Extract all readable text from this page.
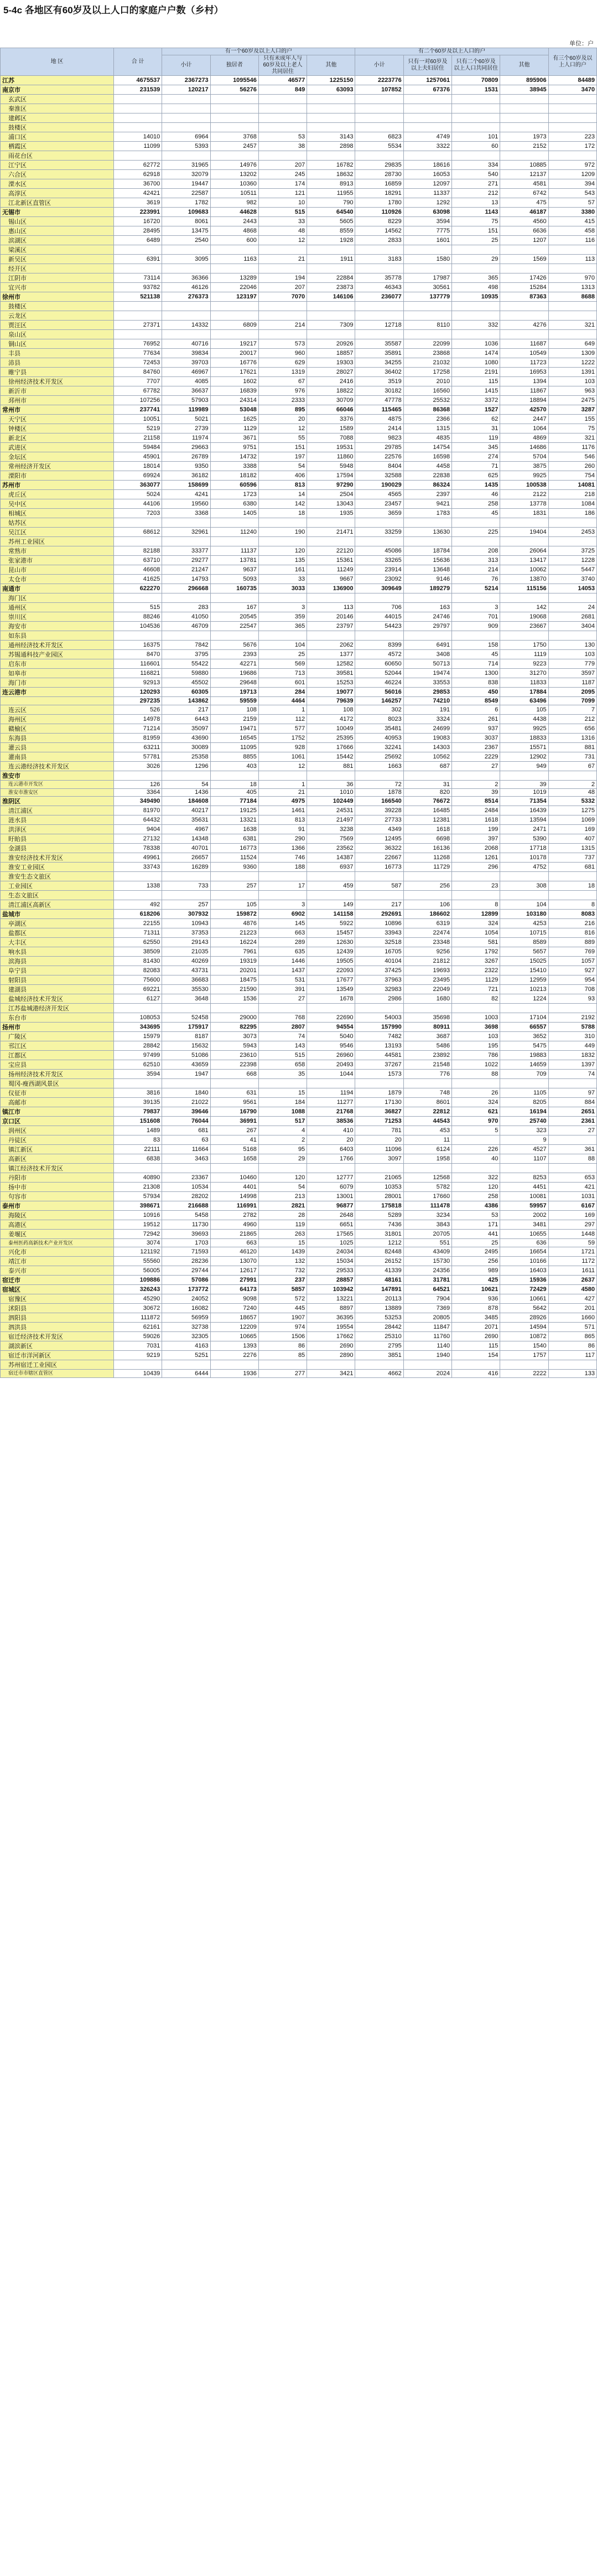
5-4c 各地区有60岁及以上人口的家庭户户数（乡村）
单位：户
地 区	合 计	有一个60岁及以上人口的户				有二个60岁及以上人口的户				有三个60岁及以上人口的户
		小计	独居者	只有未成年人与60岁及以上老人共同居住	其他	小计	只有一对60岁及以上夫妇居住	只有二个60岁及以上人口共同居住	其他	

江苏	4675537	2367273	1095546	46577	1225150	2223776	1257061	70809	895906	84489
南京市	231539	120217	56276	849	63093	107852	67376	1531	38945	3470
玄武区										
秦淮区										
建邺区										
鼓楼区										
浦口区	14010	6964	3768	53	3143	6823	4749	101	1973	223
栖霞区	11099	5393	2457	38	2898	5534	3322	60	2152	172
雨花台区										
江宁区	62772	31965	14976	207	16782	29835	18616	334	10885	972
六合区	62918	32079	13202	245	18632	28730	16053	540	12137	1209
溧水区	36700	19447	10360	174	8913	16859	12097	271	4581	394
高淳区	42421	22587	10511	121	11955	18291	11337	212	6742	543
江北新区直管区	3619	1782	982	10	790	1780	1292	13	475	57
无锡市	223991	109683	44628	515	64540	110926	63098	1143	46187	3380
锡山区	16720	8061	2443	33	5605	8229	3594	75	4560	415
惠山区	28495	13475	4868	48	8559	14562	7775	151	6636	458
滨湖区	6489	2540	600	12	1928	2833	1601	25	1207	116
梁溪区										
新吴区	6391	3095	1163	21	1911	3183	1580	29	1569	113
经开区										
江阴市	73114	36366	13289	194	22884	35778	17987	365	17426	970
宜兴市	93782	46126	22046	207	23873	46343	30561	498	15284	1313
徐州市	521138	276373	123197	7070	146106	236077	137779	10935	87363	8688
鼓楼区										
云龙区										
贾汪区	27371	14332	6809	214	7309	12718	8110	332	4276	321
泉山区										
铜山区	76952	40716	19217	573	20926	35587	22099	1036	11687	649
丰县	77634	39834	20017	960	18857	35891	23868	1474	10549	1309
沛县	72453	39703	16776	629	19303	34255	21032	1080	11723	1222
睢宁县	84760	46967	17621	1319	28027	36402	17258	2191	16953	1391
徐州经济技术开发区	7707	4085	1602	67	2416	3519	2010	115	1394	103
新沂市	67782	36637	16839	976	18822	30182	16560	1415	11867	963
邳州市	107256	57903	24314	2333	30709	47778	25532	3372	18894	2475
常州市	237741	119989	53048	895	66046	115465	86368	1527	42570	3287
天宁区	10051	5021	1625	20	3376	4875	2366	62	2447	155
钟楼区	5219	2739	1129	12	1589	2414	1315	31	1064	75
新北区	21158	11974	3671	55	7088	9823	4835	119	4869	321
武进区	59484	29663	9751	151	19531	29785	14754	345	14686	1176
金坛区	45901	26789	14732	197	11860	22576	16598	274	5704	546
常州经济开发区	18014	9350	3388	54	5948	8404	4458	71	3875	260
溧阳市	69924	36182	18182	406	17594	32588	22838	625	9925	754
苏州市	363077	158699	60596	813	97290	190029	86324	1435	100538	14081
虎丘区	5024	4241	1723	14	2504	4565	2397	46	2122	218
吴中区	44106	19560	6380	142	13043	23457	9421	258	13778	1084
相城区	7203	3368	1405	18	1935	3659	1783	45	1831	186
姑苏区										
吴江区	68612	32961	11240	190	21471	33259	13630	225	19404	2453
苏州工业园区										
常熟市	82188	33377	11137	120	22120	45086	18784	208	26064	3725
张家港市	63710	29277	13781	135	15361	33265	15636	313	13417	1228
昆山市	46608	21247	9637	161	11249	23914	13648	214	10062	5447
太仓市	41625	14793	5093	33	9667	23092	9146	76	13870	3740
南通市	622270	296668	160735	3033	136900	309649	189279	5214	115156	14053
海门区										
通州区	515	283	167	3	113	706	163	3	142	24
崇川区	88246	41050	20545	359	20146	44015	24746	701	19068	2681
海安市	104536	46709	22547	365	23797	54423	29797	909	23667	3404
如东县										
通州经济技术开发区	16375	7842	5676	104	2062	8399	6491	158	1750	130
苏锡通科技产业园区	8470	3795	2393	25	1377	4572	3408	45	1119	103
启东市	116601	55422	42271	569	12582	60650	50713	714	9223	779
如皋市	116821	59880	19686	713	39581	52044	19474	1300	31270	3597
海门市	92913	45502	29648	601	15253	46224	33553	838	11833	1187
连云港市	120293	60305	19713	284	19077	56016	29853	450	17884	2095
	297235	143862	59559	4464	79639	146257	74210	8549	63496	7099
连云区	526	217	108	1	108	302	191	6	105	7
海州区	14978	6443	2159	112	4172	8023	3324	261	4438	212
赣榆区	71214	35097	19471	577	10049	35481	24699	937	9925	656
东海县	81959	43690	16545	1752	25395	40953	19083	3037	18833	1316
灌云县	63211	30089	11095	928	17666	32241	14303	2367	15571	881
灌南县	57781	25358	8855	1061	15442	25692	10562	2229	12902	731
连云港经济技术开发区	3026	1296	403	12	881	1663	687	27	949	67
淮安市										
连云港市开发区	126	54	18	1	36	72	31	2	39	2
淮安市淮安区	3364	1436	405	21	1010	1878	820	39	1019	48
淮阴区	349490	184608	77184	4975	102449	166540	76672	8514	71354	5332
清江浦区	81970	40217	19125	1461	24531	39228	16485	2484	16439	1275
涟水县	64432	35631	13321	813	21497	27733	12381	1618	13594	1069
洪泽区	9404	4967	1638	91	3238	4349	1618	199	2471	169
盱眙县	27132	14348	6381	290	7569	12495	6698	397	5390	407
金湖县	78338	40701	16773	1366	23562	36322	16136	2068	17718	1315
淮安经济技术开发区	49961	26657	11524	746	14387	22667	11268	1261	10178	737
淮安工业园区	33743	16289	9360	188	6937	16773	11729	296	4752	681
淮安生态文旅区										
工业园区	1338	733	257	17	459	587	256	23	308	18
生态文旅区										
清江浦区高新区	492	257	105	3	149	217	106	8	104	8
盐城市	618206	307932	159872	6902	141158	292691	186602	12899	103180	8083
亭湖区	22155	10943	4876	145	5922	10896	6319	324	4253	216
盐都区	71311	37353	21223	663	15457	33943	22474	1054	10715	816
大丰区	62550	29143	16224	289	12630	32518	23348	581	8589	889
响水县	38509	21035	7961	635	12439	16705	9256	1792	5657	769
滨海县	81430	40269	19319	1446	19505	40104	21812	3267	15025	1057
阜宁县	82083	43731	20201	1437	22093	37425	19693	2322	15410	927
射阳县	75600	36683	18475	531	17677	37963	23495	1129	12959	954
建湖县	69221	35530	21590	391	13549	32983	22049	721	10213	708
盐城经济技术开发区	6127	3648	1536	27	1678	2986	1680	82	1224	93
江苏盐城港经济开发区										
东台市	108053	52458	29000	768	22690	54003	35698	1003	17104	2192
扬州市	343695	175917	82295	2807	94554	157990	80911	3698	66557	5788
广陵区	15979	8187	3073	74	5040	7482	3687	103	3652	310
邗江区	28842	15632	5943	143	9546	13193	5486	195	5475	449
江都区	97499	51086	23610	515	26960	44581	23892	786	19883	1832
宝应县	62510	43659	22398	658	20493	37267	21548	1022	14659	1397
扬州经济技术开发区	3594	1947	668	35	1044	1573	776	88	709	74
蜀冈-瘦西湖风景区										
仪征市	3816	1840	631	15	1194	1879	748	26	1105	97
高邮市	39135	21022	9561	184	11277	17130	8601	324	8205	884
镇江市	79837	39646	16790	1088	21768	36827	22812	621	16194	2651
京口区	151608	76044	36991	517	38536	71253	44543	970	25740	2361
润州区	1489	681	267	4	410	781	453	5	323	27
丹徒区	83	63	41	2	20	20	11		9	
镇江新区	22111	11664	5168	95	6403	11096	6124	226	4527	361
高新区	6838	3463	1658	29	1766	3097	1958	40	1107	88
镇江经济技术开发区										
丹阳市	40890	23367	10460	120	12777	21065	12568	322	8253	653
扬中市	21308	10534	4401	54	6079	10353	5782	120	4451	421
句容市	57934	28202	14998	213	13001	28001	17660	258	10081	1031
泰州市	398671	216688	116991	2821	96877	175818	111478	4386	59957	6167
海陵区	10916	5458	2782	28	2648	5289	3234	53	2002	169
高港区	19512	11730	4960	119	6651	7436	3843	171	3481	297
姜堰区	72942	39693	21865	263	17565	31801	20705	441	10655	1448
泰州医药高新技术产业开发区	3074	1703	663	15	1025	1212	551	25	636	59
兴化市	121192	71593	46120	1439	24034	82448	43409	2495	16654	1721
靖江市	55560	28236	13070	132	15034	26152	15730	256	10166	1172
泰兴市	56005	29744	12617	732	29533	41339	24356	989	16403	1611
宿迁市	109886	57086	27991	237	28857	48161	31781	425	15936	2637
宿城区	326243	173772	64173	5857	103942	147891	64521	10621	72429	4580
宿豫区	45290	24052	9098	572	13221	20113	7904	936	10661	427
沭阳县	30672	16082	7240	445	8897	13889	7369	878	5642	201
泗阳县	111872	56959	18657	1907	36395	53253	20805	3485	28926	1660
泗洪县	62161	32738	12209	974	19554	28442	11847	2071	14594	571
宿迁经济技术开发区	59026	32305	10665	1506	17662	25310	11760	2690	10872	865
湖滨新区	7031	4163	1393	86	2690	2795	1140	115	1540	86
宿迁市洋河新区	9219	5251	2276	85	2890	3851	1940	154	1757	117
苏州宿迁工业园区										
宿迁市市辖区直管区	10439	6444	1936	277	3421	4662	2024	416	2222	133
